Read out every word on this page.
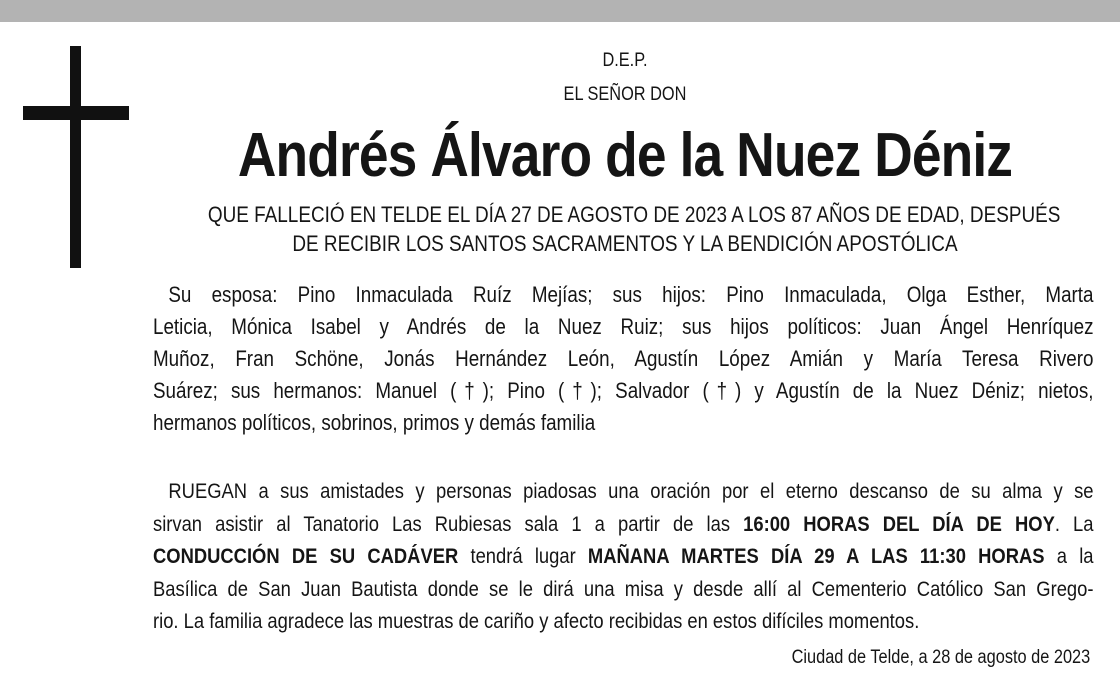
D.E.P.
EL SEÑOR DON
Andrés Álvaro de la Nuez Déniz
QUE FALLECIÓ EN TELDE EL DÍA 27 DE AGOSTO DE 2023 A LOS 87 AÑOS DE EDAD, DESPUÉS
DE RECIBIR LOS SANTOS SACRAMENTOS Y LA BENDICIÓN APOSTÓLICA
Su esposa: Pino Inmaculada Ruíz Mejías; sus hijos: Pino Inmaculada, Olga Esther, Marta
Leticia, Mónica Isabel y Andrés de la Nuez Ruiz; sus hijos políticos: Juan Ángel Henríquez
Muñoz, Fran Schöne, Jonás Hernández León, Agustín López Amián y María Teresa Rivero
Suárez; sus hermanos: Manuel (†); Pino (†); Salvador (†) y Agustín de la Nuez Déniz; nietos,
hermanos políticos, sobrinos, primos y demás familia
RUEGAN a sus amistades y personas piadosas una oración por el eterno descanso de su alma y se
sirvan asistir al Tanatorio Las Rubiesas sala 1 a partir de las 16:00 HORAS DEL DÍA DE HOY. La
CONDUCCIÓN DE SU CADÁVER tendrá lugar MAÑANA MARTES DÍA 29 A LAS 11:30 HORAS a la
Basílica de San Juan Bautista donde se le dirá una misa y desde allí al Cementerio Católico San Grego-
rio. La familia agradece las muestras de cariño y afecto recibidas en estos difíciles momentos.
Ciudad de Telde, a 28 de agosto de 2023
